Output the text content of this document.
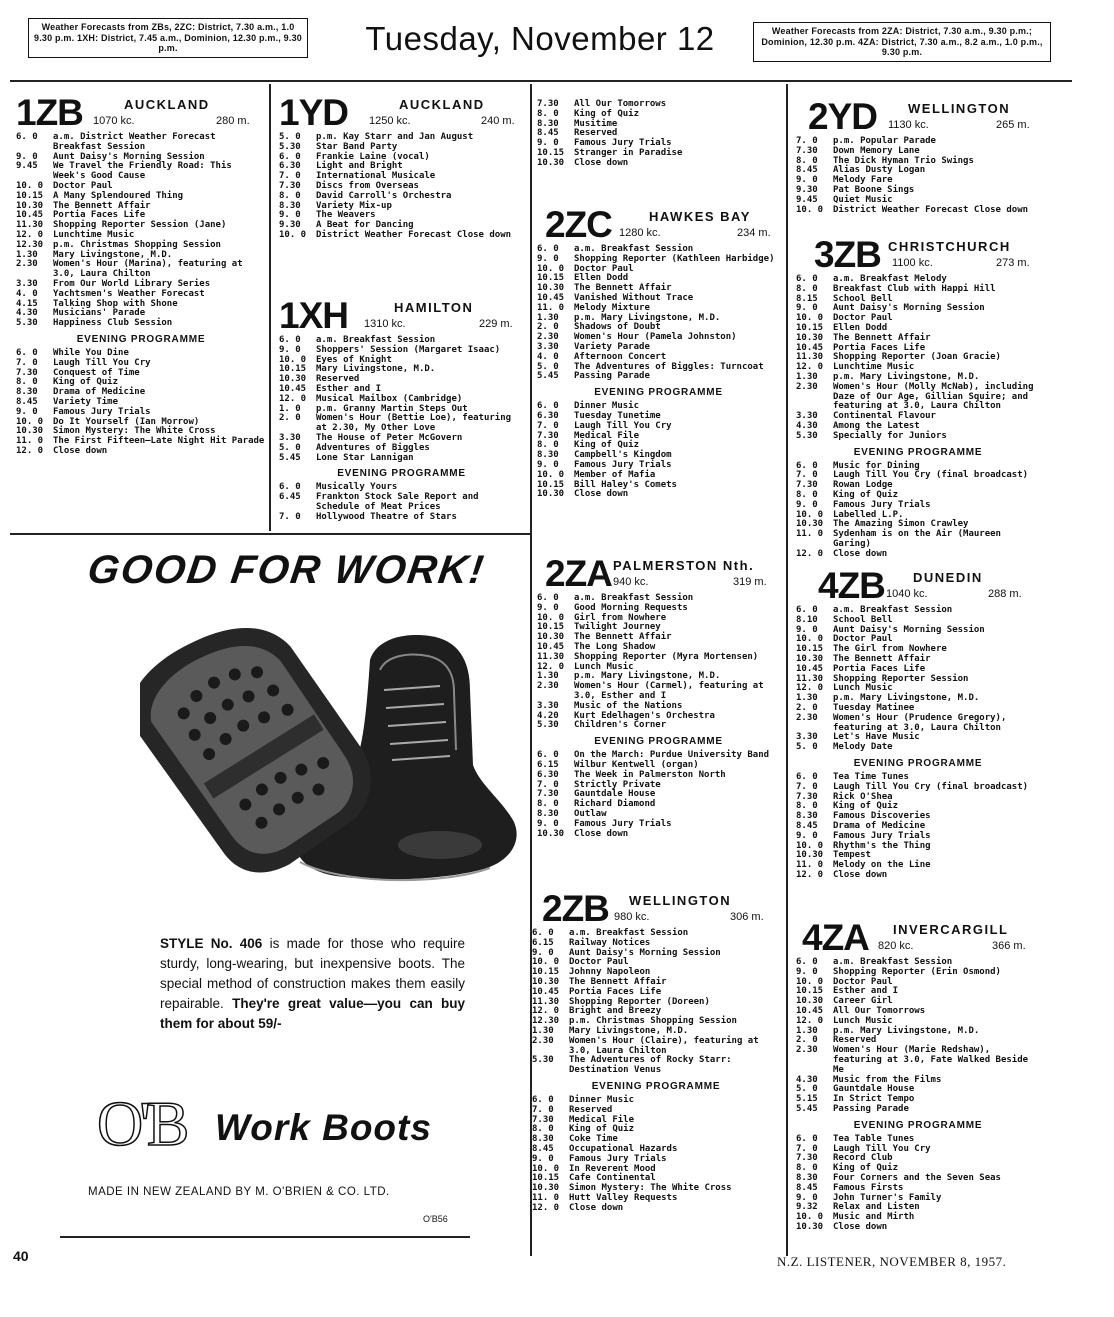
Weather Forecasts from ZBs, 2ZC: District, 7.30 a.m., 1.0 9.30 p.m. 1XH: District, 7.45 a.m., Dominion, 12.30 p.m., 9.30 p.m.	Tuesday, November 12	Weather Forecasts from 2ZA: District, 7.30 a.m., 9.30 p.m.; Dominion, 12.30 p.m. 4ZA: District, 7.30 a.m., 8.2 a.m., 1.0 p.m., 9.30 p.m.
1ZB	AUCKLAND
1070 kc.	280 m.
6. 0	a.m. District Weather Forecast Breakfast Session
9. 0	Aunt Daisy's Morning Session
9.45	We Travel the Friendly Road: This Week's Good Cause
10. 0	Doctor Paul
10.15	A Many Splendoured Thing
10.30	The Bennett Affair
10.45	Portia Faces Life
11.30	Shopping Reporter Session (Jane)
12. 0	Lunchtime Music
12.30	p.m. Christmas Shopping Session
1.30	Mary Livingstone, M.D.
2.30	Women's Hour (Marina), featuring at 3.0, Laura Chilton
3.30	From Our World Library Series
4. 0	Yachtsmen's Weather Forecast
4.15	Talking Shop with Shone
4.30	Musicians' Parade
5.30	Happiness Club Session
EVENING PROGRAMME
6. 0	While You Dine
7. 0	Laugh Till You Cry
7.30	Conquest of Time
8. 0	King of Quiz
8.30	Drama of Medicine
8.45	Variety Time
9. 0	Famous Jury Trials
10. 0	Do It Yourself (Ian Morrow)
10.30	Simon Mystery: The White Cross
11. 0	The First Fifteen—Late Night Hit Parade
12. 0	Close down
1YD	AUCKLAND
1250 kc.	240 m.
5. 0	p.m. Kay Starr and Jan August
5.30	Star Band Party
6. 0	Frankie Laine (vocal)
6.30	Light and Bright
7. 0	International Musicale
7.30	Discs from Overseas
8. 0	David Carroll's Orchestra
8.30	Variety Mix-up
9. 0	The Weavers
9.30	A Beat for Dancing
10. 0	District Weather Forecast Close down
1XH	HAMILTON
1310 kc.	229 m.
6. 0	a.m. Breakfast Session
9. 0	Shoppers' Session (Margaret Isaac)
10. 0	Eyes of Knight
10.15	Mary Livingstone, M.D.
10.30	Reserved
10.45	Esther and I
12. 0	Musical Mailbox (Cambridge)
1. 0	p.m. Granny Martin Steps Out
2. 0	Women's Hour (Bettie Loe), featuring at 2.30, My Other Love
3.30	The House of Peter McGovern
5. 0	Adventures of Biggles
5.45	Lone Star Lannigan
EVENING PROGRAMME
6. 0	Musically Yours
6.45	Frankton Stock Sale Report and Schedule of Meat Prices
7. 0	Hollywood Theatre of Stars
7.30	All Our Tomorrows
8. 0	King of Quiz
8.30	Musitime
8.45	Reserved
9. 0	Famous Jury Trials
10.15	Stranger in Paradise
10.30	Close down
2ZC	HAWKES BAY
1280 kc.	234 m.
6. 0	a.m. Breakfast Session
9. 0	Shopping Reporter (Kathleen Harbidge)
10. 0	Doctor Paul
10.15	Ellen Dodd
10.30	The Bennett Affair
10.45	Vanished Without Trace
11. 0	Melody Mixture
1.30	p.m. Mary Livingstone, M.D.
2. 0	Shadows of Doubt
2.30	Women's Hour (Pamela Johnston)
3.30	Variety Parade
4. 0	Afternoon Concert
5. 0	The Adventures of Biggles: Turncoat
5.45	Passing Parade
EVENING PROGRAMME
6. 0	Dinner Music
6.30	Tuesday Tunetime
7. 0	Laugh Till You Cry
7.30	Medical File
8. 0	King of Quiz
8.30	Campbell's Kingdom
9. 0	Famous Jury Trials
10. 0	Member of Mafia
10.15	Bill Haley's Comets
10.30	Close down
2ZA PALMERSTON Nth.
940 kc.	319 m.
6. 0	a.m. Breakfast Session
9. 0	Good Morning Requests
10. 0	Girl from Nowhere
10.15	Twilight Journey
10.30	The Bennett Affair
10.45	The Long Shadow
11.30	Shopping Reporter (Myra Mortensen)
12. 0	Lunch Music
1.30	p.m. Mary Livingstone, M.D.
2.30	Women's Hour (Carmel), featuring at 3.0, Esther and I
3.30	Music of the Nations
4.20	Kurt Edelhagen's Orchestra
5.30	Children's Corner
EVENING PROGRAMME
6. 0	On the March: Purdue University Band
6.15	Wilbur Kentwell (organ)
6.30	The Week in Palmerston North
7. 0	Strictly Private
7.30	Gauntdale House
8. 0	Richard Diamond
8.30	Outlaw
9. 0	Famous Jury Trials
10.30	Close down
2ZB WELLINGTON
980 kc.	306 m.
6. 0	a.m. Breakfast Session
6.15	Railway Notices
9. 0	Aunt Daisy's Morning Session
10. 0	Doctor Paul
10.15	Johnny Napoleon
10.30	The Bennett Affair
10.45	Portia Faces Life
11.30	Shopping Reporter (Doreen)
12. 0	Bright and Breezy
12.30	p.m. Christmas Shopping Session
1.30	Mary Livingstone, M.D.
2.30	Women's Hour (Claire), featuring at 3.0, Laura Chilton
5.30	The Adventures of Rocky Starr: Destination Venus
EVENING PROGRAMME
6. 0	Dinner Music
7. 0	Reserved
7.30	Medical File
8. 0	King of Quiz
8.30	Coke Time
8.45	Occupational Hazards
9. 0	Famous Jury Trials
10. 0	In Reverent Mood
10.15	Cafe Continental
10.30	Simon Mystery: The White Cross
11. 0	Hutt Valley Requests
12. 0	Close down
2YD WELLINGTON
1130 kc.	265 m.
7. 0	p.m. Popular Parade
7.30	Down Memory Lane
8. 0	The Dick Hyman Trio Swings
8.45	Alias Dusty Logan
9. 0	Melody Fare
9.30	Pat Boone Sings
9.45	Quiet Music
10. 0	District Weather Forecast Close down
3ZB CHRISTCHURCH
1100 kc.	273 m.
6. 0	a.m. Breakfast Melody
8. 0	Breakfast Club with Happi Hill
8.15	School Bell
9. 0	Aunt Daisy's Morning Session
10. 0	Doctor Paul
10.15	Ellen Dodd
10.30	The Bennett Affair
10.45	Portia Faces Life
11.30	Shopping Reporter (Joan Gracie)
12. 0	Lunchtime Music
1.30	p.m. Mary Livingstone, M.D.
2.30	Women's Hour (Molly McNab), including Daze of Our Age, Gillian Squire; and featuring at 3.0, Laura Chilton
3.30	Continental Flavour
4.30	Among the Latest
5.30	Specially for Juniors
EVENING PROGRAMME
6. 0	Music for Dining
7. 0	Laugh Till You Cry (final broadcast)
7.30	Rowan Lodge
8. 0	King of Quiz
9. 0	Famous Jury Trials
10. 0	Labelled L.P.
10.30	The Amazing Simon Crawley
11. 0	Sydenham is on the Air (Maureen Garing)
12. 0	Close down
4ZB DUNEDIN
1040 kc.	288 m.
6. 0	a.m. Breakfast Session
8.10	School Bell
9. 0	Aunt Daisy's Morning Session
10. 0	Doctor Paul
10.15	The Girl from Nowhere
10.30	The Bennett Affair
10.45	Portia Faces Life
11.30	Shopping Reporter Session
12. 0	Lunch Music
1.30	p.m. Mary Livingstone, M.D.
2. 0	Tuesday Matinee
2.30	Women's Hour (Prudence Gregory), featuring at 3.0, Laura Chilton
3.30	Let's Have Music
5. 0	Melody Date
EVENING PROGRAMME
6. 0	Tea Time Tunes
7. 0	Laugh Till You Cry (final broadcast)
7.30	Rick O'Shea
8. 0	King of Quiz
8.30	Famous Discoveries
8.45	Drama of Medicine
9. 0	Famous Jury Trials
10. 0	Rhythm's the Thing
10.30	Tempest
11. 0	Melody on the Line
12. 0	Close down
4ZA INVERCARGILL
820 kc.	366 m.
6. 0	a.m. Breakfast Session
9. 0	Shopping Reporter (Erin Osmond)
10. 0	Doctor Paul
10.15	Esther and I
10.30	Career Girl
10.45	All Our Tomorrows
12. 0	Lunch Music
1.30	p.m. Mary Livingstone, M.D.
2. 0	Reserved
2.30	Women's Hour (Marie Redshaw), featuring at 3.0, Fate Walked Beside Me
4.30	Music from the Films
5. 0	Gauntdale House
5.15	In Strict Tempo
5.45	Passing Parade
EVENING PROGRAMME
6. 0	Tea Table Tunes
7. 0	Laugh Till You Cry
7.30	Record Club
8. 0	King of Quiz
8.30	Four Corners and the Seven Seas
8.45	Famous Firsts
9. 0	John Turner's Family
9.32	Relax and Listen
10. 0	Music and Mirth
10.30	Close down
GOOD FOR WORK!
STYLE No. 406 is made for those who require sturdy, long-wearing, but inexpensive boots. The special method of construction makes them easily repairable. They're great value—you can buy them for about 59/-
O'B Work Boots
MADE IN NEW ZEALAND BY M. O'BRIEN & CO. LTD.
O'B56
40	N.Z. LISTENER, NOVEMBER 8, 1957.
